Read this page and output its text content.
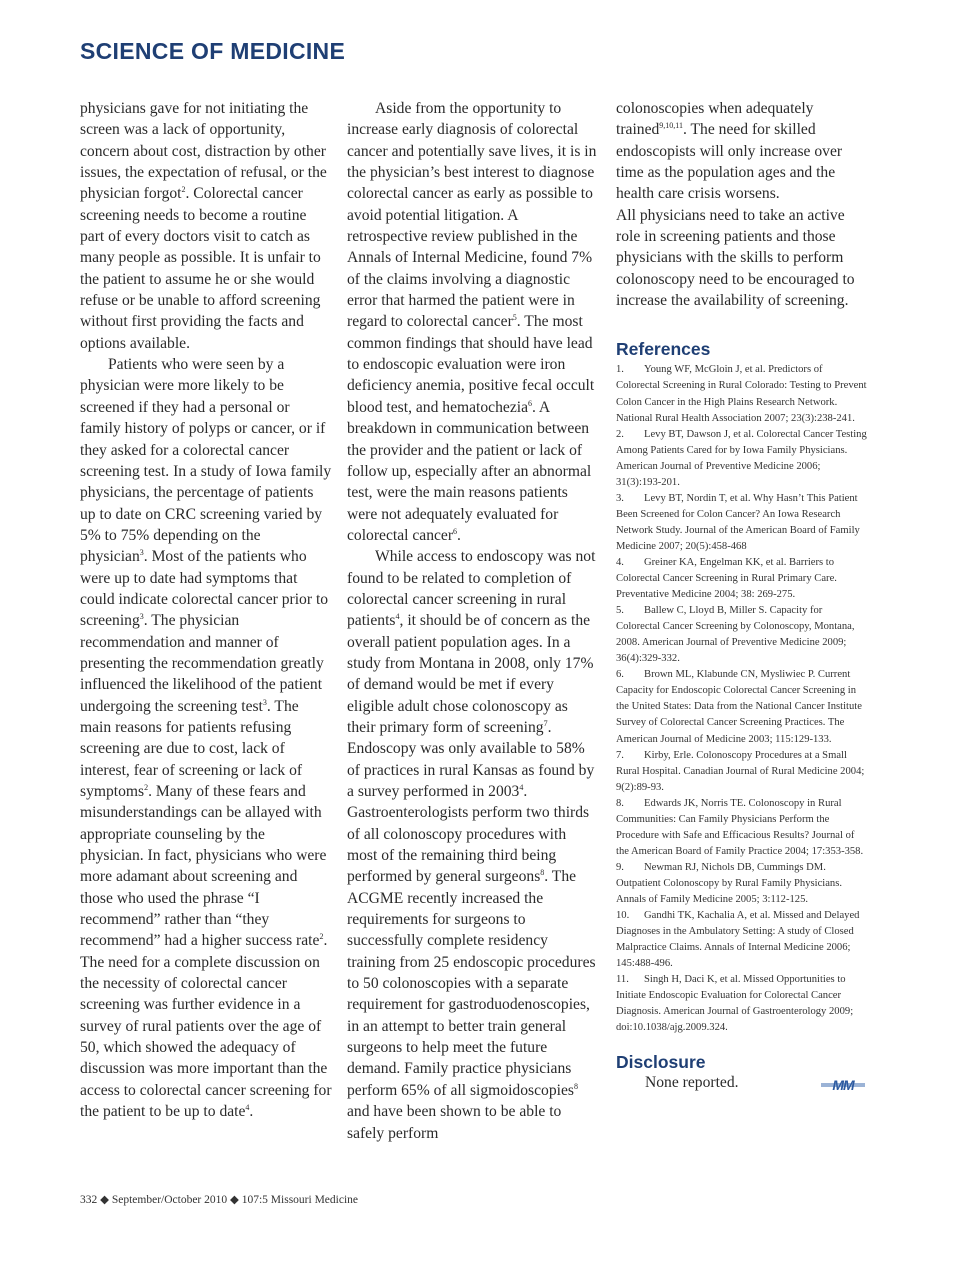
SCIENCE OF MEDICINE

physicians gave for not initiating the screen was a lack of opportunity, concern about cost, distraction by other issues, the expectation of refusal, or the physician forgot$^2$. Colorectal cancer screening needs to become a routine part of every doctors visit to catch as many people as possible. It is unfair to the patient to assume he or she would refuse or be unable to afford screening without first providing the facts and options available.

Patients who were seen by a physician were more likely to be screened if they had a personal or family history of polyps or cancer, or if they asked for a colorectal cancer screening test. In a study of Iowa family physicians, the percentage of patients up to date on CRC screening varied by 5% to 75% depending on the physician$^3$. Most of the patients who were up to date had symptoms that could indicate colorectal cancer prior to screening$^3$. The physician recommendation and manner of presenting the recommendation greatly influenced the likelihood of the patient undergoing the screening test$^3$. The main reasons for patients refusing screening are due to cost, lack of interest, fear of screening or lack of symptoms$^2$. Many of these fears and misunderstandings can be allayed with appropriate counseling by the physician. In fact, physicians who were more adamant about screening and those who used the phrase “I recommend” rather than “they recommend” had a higher success rate$^2$. The need for a complete discussion on the necessity of colorectal cancer screening was further evidence in a survey of rural patients over the age of 50, which showed the adequacy of discussion was more important than the access to colorectal cancer screening for the patient to be up to date$^4$.

Aside from the opportunity to increase early diagnosis of colorectal cancer and potentially save lives, it is in the physician’s best interest to diagnose colorectal cancer as early as possible to avoid potential litigation. A retrospective review published in the Annals of Internal Medicine, found 7% of the claims involving a diagnostic error that harmed the patient were in regard to colorectal cancer$^5$. The most common findings that should have lead to endoscopic evaluation were iron deficiency anemia, positive fecal occult blood test, and hematochezia$^6$. A breakdown in communication between the provider and the patient or lack of follow up, especially after an abnormal test, were the main reasons patients were not adequately evaluated for colorectal cancer$^6$.

While access to endoscopy was not found to be related to completion of colorectal cancer screening in rural patients$^4$, it should be of concern as the overall patient population ages. In a study from Montana in 2008, only 17% of demand would be met if every eligible adult chose colonoscopy as their primary form of screening$^7$. Endoscopy was only available to 58% of practices in rural Kansas as found by a survey performed in 2003$^4$. Gastroenterologists perform two thirds of all colonoscopy procedures with most of the remaining third being performed by general surgeons$^8$. The ACGME recently increased the requirements for surgeons to successfully complete residency training from 25 endoscopic procedures to 50 colonoscopies with a separate requirement for gastroduodenoscopies, in an attempt to better train general surgeons to help meet the future demand. Family practice physicians perform 65% of all sigmoidoscopies$^8$ and have been shown to be able to safely perform

colonoscopies when adequately trained$^{9,10,11}$. The need for skilled endoscopists will only increase over time as the population ages and the health care crisis worsens.

All physicians need to take an active role in screening patients and those physicians with the skills to perform colonoscopy need to be encouraged to increase the availability of screening.

References
1. Young WF, McGloin J, et al. Predictors of Colorectal Screening in Rural Colorado: Testing to Prevent Colon Cancer in the High Plains Research Network. National Rural Health Association 2007; 23(3):238-241.
2. Levy BT, Dawson J, et al. Colorectal Cancer Testing Among Patients Cared for by Iowa Family Physicians. American Journal of Preventive Medicine 2006; 31(3):193-201.
3. Levy BT, Nordin T, et al. Why Hasn’t This Patient Been Screened for Colon Cancer? An Iowa Research Network Study. Journal of the American Board of Family Medicine 2007; 20(5):458-468
4. Greiner KA, Engelman KK, et al. Barriers to Colorectal Cancer Screening in Rural Primary Care. Preventative Medicine 2004; 38: 269-275.
5. Ballew C, Lloyd B, Miller S. Capacity for Colorectal Cancer Screening by Colonoscopy, Montana, 2008. American Journal of Preventive Medicine 2009; 36(4):329-332.
6. Brown ML, Klabunde CN, Mysliwiec P. Current Capacity for Endoscopic Colorectal Cancer Screening in the United States: Data from the National Cancer Institute Survey of Colorectal Cancer Screening Practices. The American Journal of Medicine 2003; 115:129-133.
7. Kirby, Erle. Colonoscopy Procedures at a Small Rural Hospital. Canadian Journal of Rural Medicine 2004; 9(2):89-93.
8. Edwards JK, Norris TE. Colonoscopy in Rural Communities: Can Family Physicians Perform the Procedure with Safe and Efficacious Results? Journal of the American Board of Family Practice 2004; 17:353-358.
9. Newman RJ, Nichols DB, Cummings DM. Outpatient Colonoscopy by Rural Family Physicians. Annals of Family Medicine 2005; 3:112-125.
10. Gandhi TK, Kachalia A, et al. Missed and Delayed Diagnoses in the Ambulatory Setting: A study of Closed Malpractice Claims. Annals of Internal Medicine 2006; 145:488-496.
11. Singh H, Daci K, et al. Missed Opportunities to Initiate Endoscopic Evaluation for Colorectal Cancer Diagnosis. American Journal of Gastroenterology 2009; doi:10.1038/ajg.2009.324.
Disclosure
None reported.	MM
332 ◆ September/October 2010 ◆ 107:5 Missouri Medicine
